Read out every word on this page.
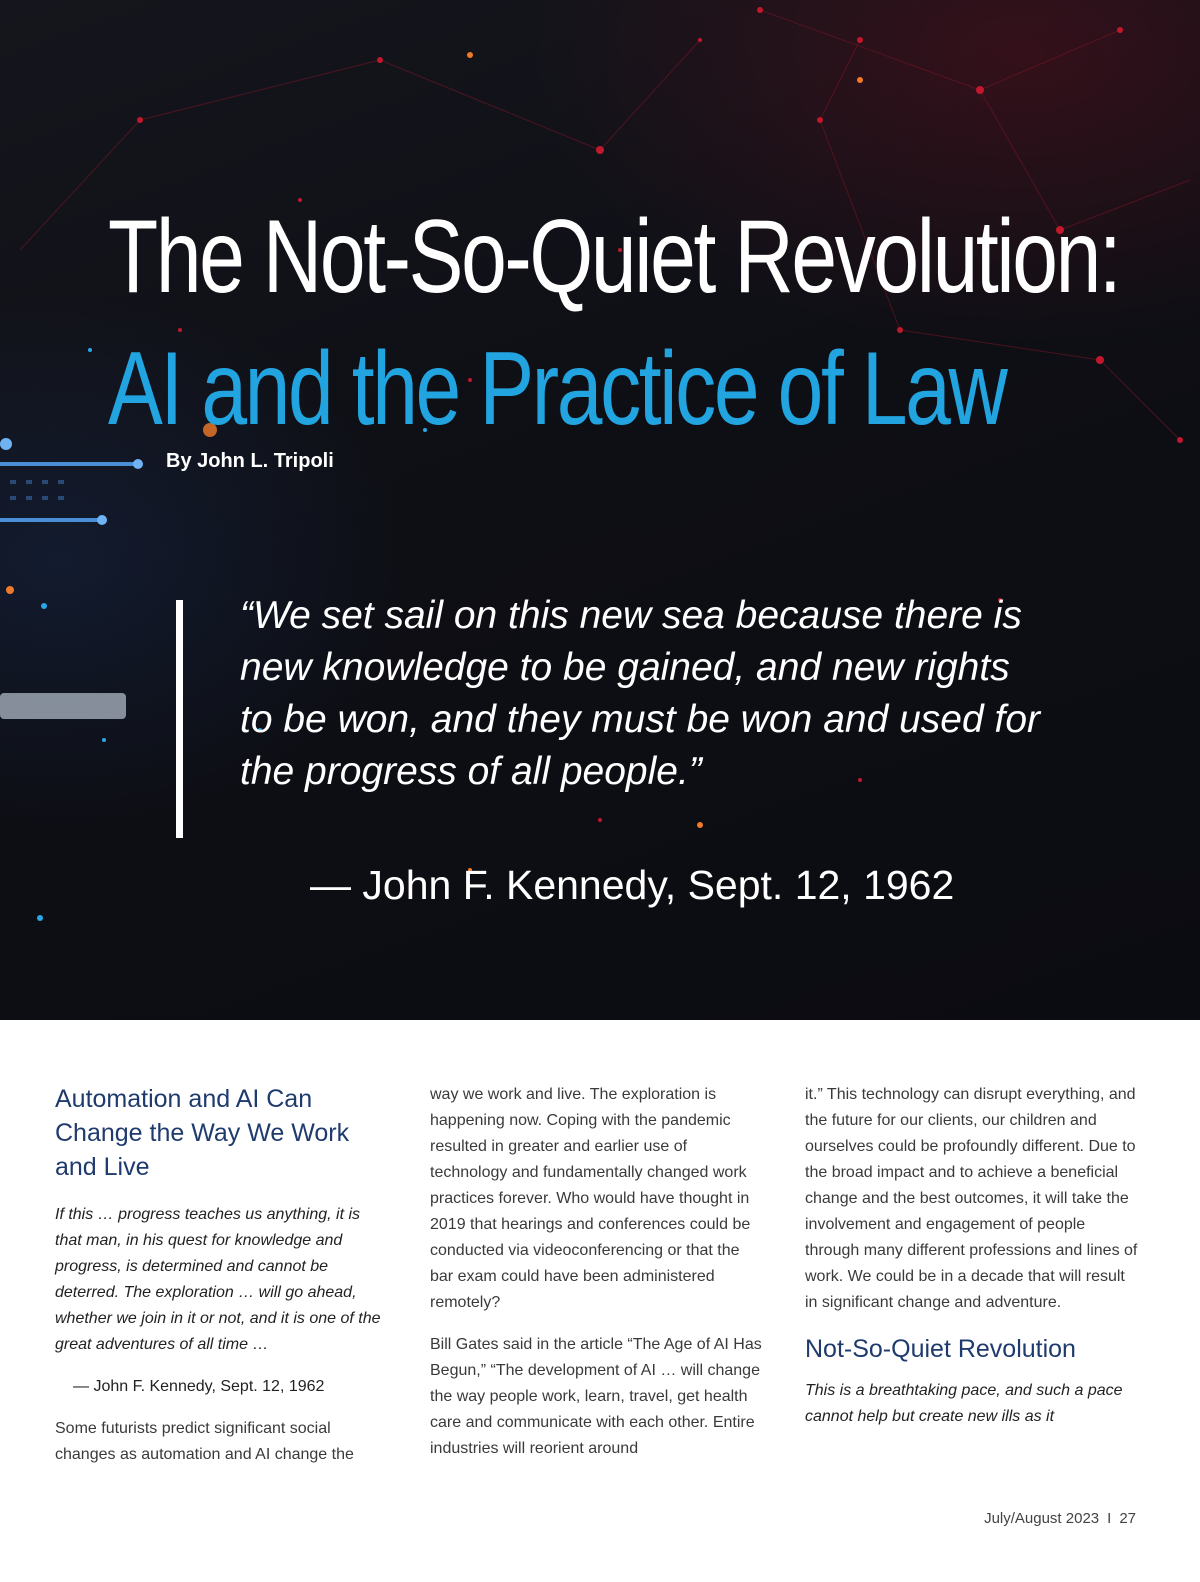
The Not-So-Quiet Revolution:
AI and the Practice of Law
By John L. Tripoli
“We set sail on this new sea because there is new knowledge to be gained, and new rights to be won, and they must be won and used for the progress of all people.”
— John F. Kennedy, Sept. 12, 1962
Automation and AI Can Change the Way We Work and Live

If this … progress teaches us anything, it is that man, in his quest for knowledge and progress, is determined and cannot be deterred. The exploration … will go ahead, whether we join in it or not, and it is one of the great adventures of all time …

— John F. Kennedy, Sept. 12, 1962

Some futurists predict significant social changes as automation and AI change the

way we work and live. The exploration is happening now. Coping with the pandemic resulted in greater and earlier use of technology and fundamentally changed work practices forever. Who would have thought in 2019 that hearings and conferences could be conducted via videoconferencing or that the bar exam could have been administered remotely?

Bill Gates said in the article “The Age of AI Has Begun,” “The development of AI … will change the way people work, learn, travel, get health care and communicate with each other. Entire industries will reorient around

it.” This technology can disrupt everything, and the future for our clients, our children and ourselves could be profoundly different. Due to the broad impact and to achieve a beneficial change and the best outcomes, it will take the involvement and engagement of people through many different professions and lines of work. We could be in a decade that will result in significant change and adventure.

Not-So-Quiet Revolution

This is a breathtaking pace, and such a pace cannot help but create new ills as it

July/August 2023 I 27
